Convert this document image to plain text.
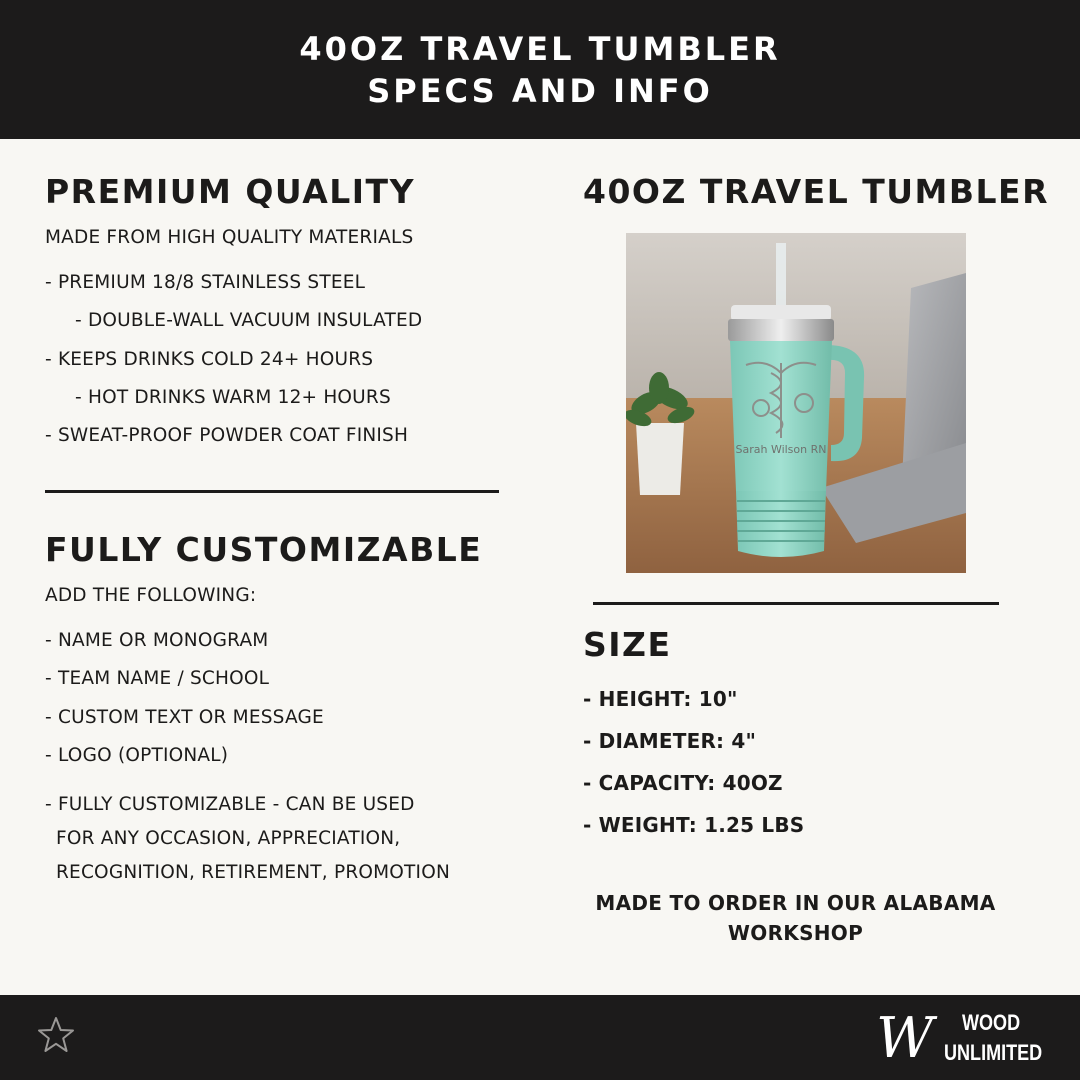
40OZ TRAVEL TUMBLER
SPECS AND INFO
PREMIUM QUALITY
MADE FROM HIGH QUALITY MATERIALS
- PREMIUM 18/8 STAINLESS STEEL
- DOUBLE-WALL VACUUM INSULATED
- KEEPS DRINKS COLD 24+ HOURS
- HOT DRINKS WARM 12+ HOURS
- SWEAT-PROOF POWDER COAT FINISH
FULLY CUSTOMIZABLE
ADD THE FOLLOWING:
- NAME OR MONOGRAM
- TEAM NAME / SCHOOL
- CUSTOM TEXT OR MESSAGE
- LOGO (OPTIONAL)
- FULLY CUSTOMIZABLE - CAN BE USED
FOR ANY OCCASION, APPRECIATION,
RECOGNITION, RETIREMENT, PROMOTION
40OZ TRAVEL TUMBLER
Sarah Wilson RN
SIZE
- HEIGHT: 10"
- DIAMETER: 4"
- CAPACITY: 40OZ
- WEIGHT: 1.25 LBS
MADE TO ORDER IN OUR ALABAMA
WORKSHOP
W WOOD
UNLIMITED
